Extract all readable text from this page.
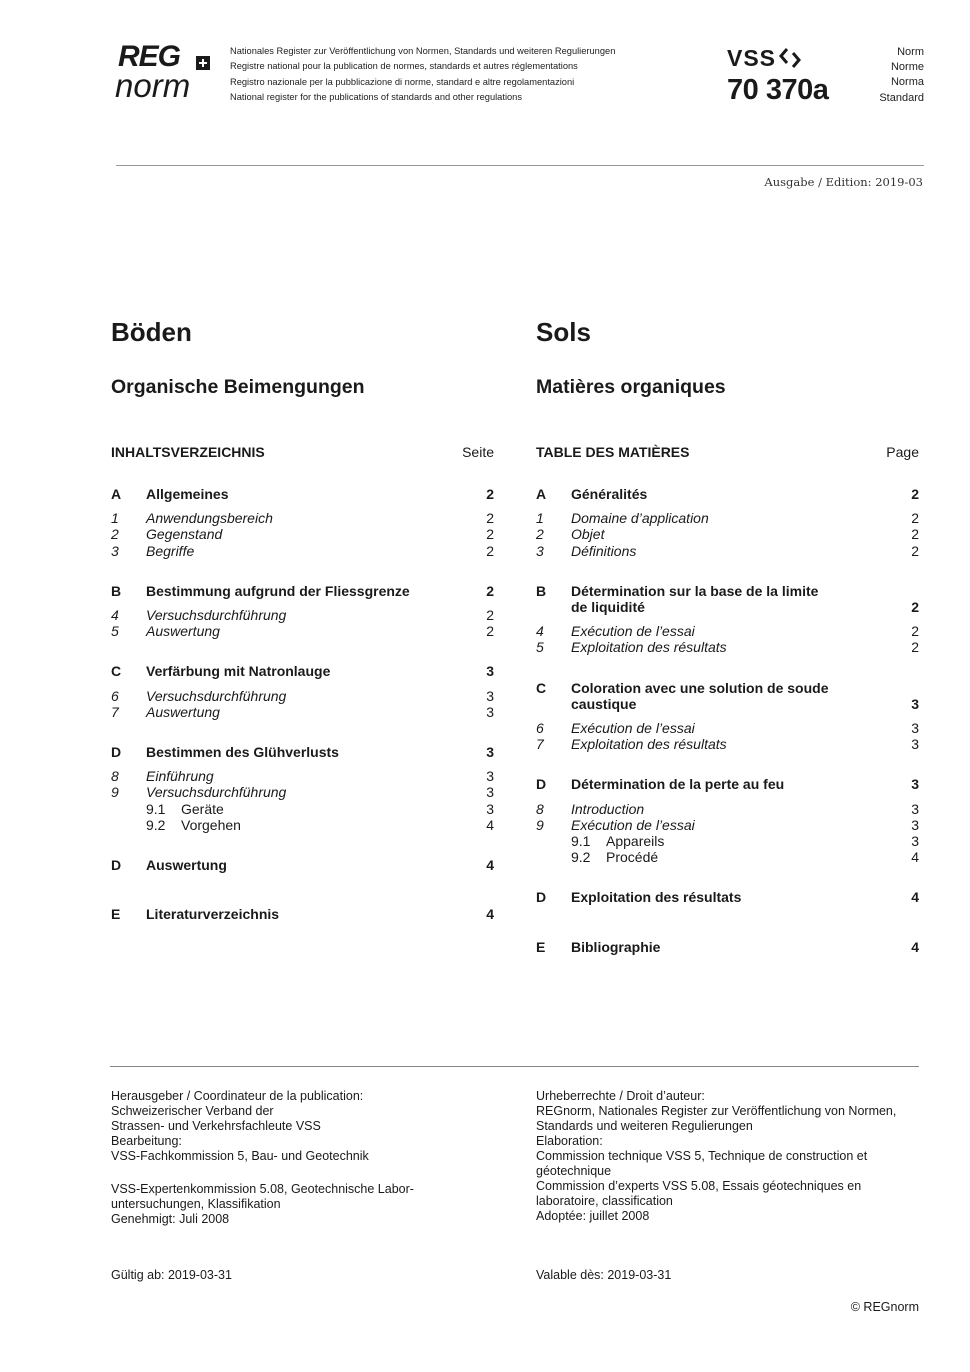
REG
norm
Nationales Register zur Veröffentlichung von Normen, Standards und weiteren Regulierungen
Registre national pour la publication de normes, standards et autres réglementations
Registro nazionale per la pubblicazione di norme, standard e altre regolamentazioni
National register for the publications of standards and other regulations
VSS
70 370a
Norm
Norme
Norma
Standard
Ausgabe / Edition: 2019-03
Böden	Sols
Organische Beimengungen	Matières organiques
INHALTSVERZEICHNIS	Seite
A	Allgemeines	2
1	Anwendungsbereich	2
2	Gegenstand	2
3	Begriffe	2
B	Bestimmung aufgrund der Fliessgrenze	2
4	Versuchsdurchführung	2
5	Auswertung	2
C	Verfärbung mit Natronlauge	3
6	Versuchsdurchführung	3
7	Auswertung	3
D	Bestimmen des Glühverlusts	3
8	Einführung	3
9	Versuchsdurchführung	3
9.1	Geräte	3
9.2	Vorgehen	4
D	Auswertung	4
E	Literaturverzeichnis	4
TABLE DES MATIÈRES	Page
A	Généralités	2
1	Domaine d’application	2
2	Objet	2
3	Définitions	2
B	Détermination sur la base de la limite de liquidité	2
4	Exécution de l’essai	2
5	Exploitation des résultats	2
C	Coloration avec une solution de soude caustique	3
6	Exécution de l’essai	3
7	Exploitation des résultats	3
D	Détermination de la perte au feu	3
8	Introduction	3
9	Exécution de l’essai	3
9.1	Appareils	3
9.2	Procédé	4
D	Exploitation des résultats	4
E	Bibliographie	4
Herausgeber / Coordinateur de la publication:
Schweizerischer Verband der
Strassen- und Verkehrsfachleute VSS
Bearbeitung:
VSS-Fachkommission 5, Bau- und Geotechnik
VSS-Expertenkommission 5.08, Geotechnische Labor-
untersuchungen, Klassifikation
Genehmigt: Juli 2008
Gültig ab: 2019-03-31
Urheberrechte / Droit d’auteur:
REGnorm, Nationales Register zur Veröffentlichung von Normen,
Standards und weiteren Regulierungen
Elaboration:
Commission technique VSS 5, Technique de construction et
géotechnique
Commission d’experts VSS 5.08, Essais géotechniques en
laboratoire, classification
Adoptée: juillet 2008
Valable dès: 2019-03-31
© REGnorm
